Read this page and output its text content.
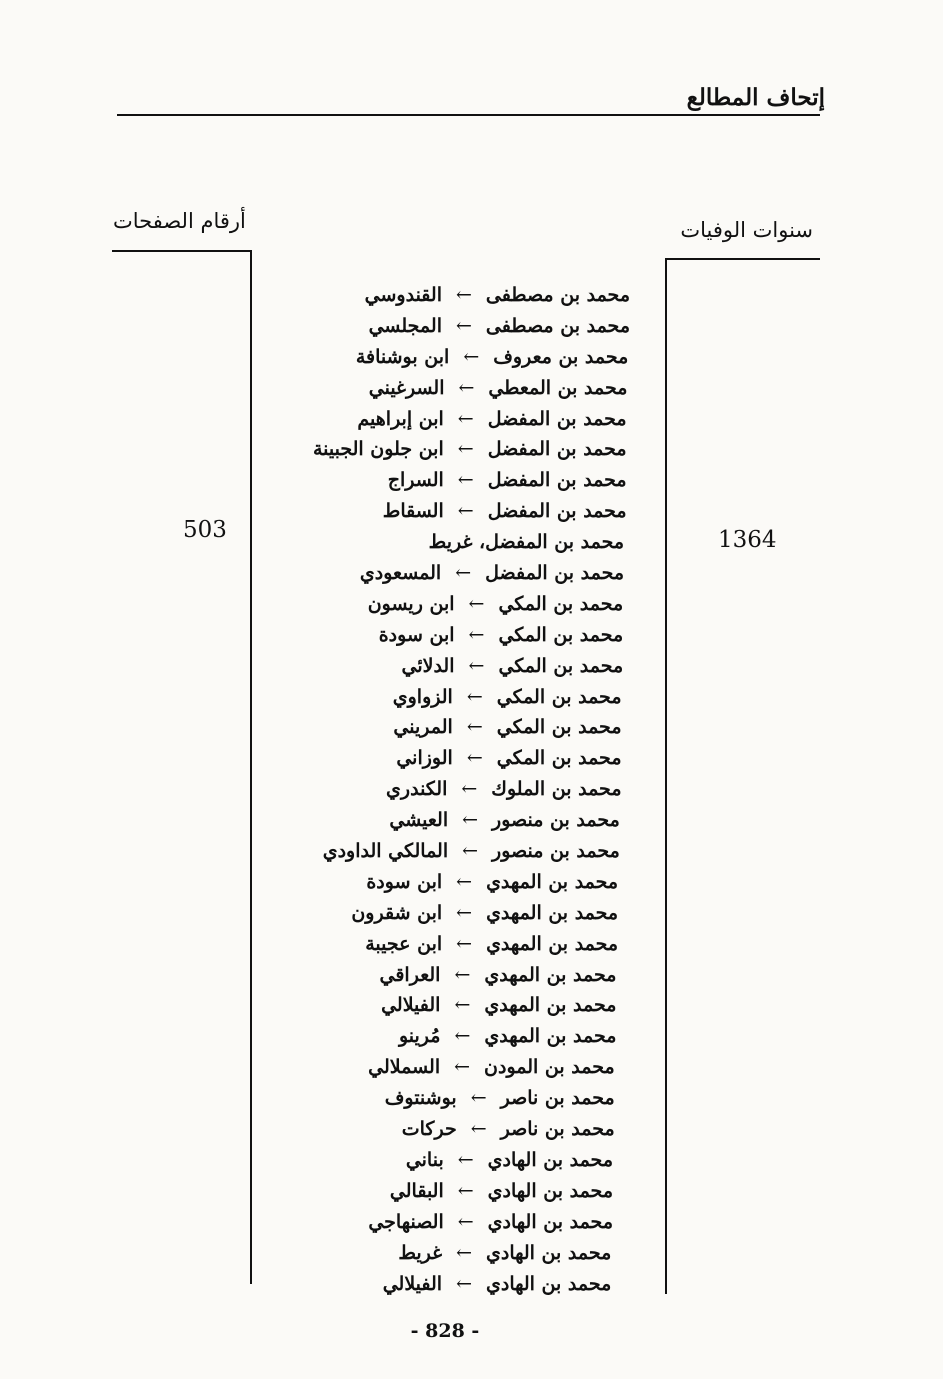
إتحاف المطالع
سنوات الوفيات
أرقام الصفحات
1364
503
محمد بن مصطفى←القندوسي
محمد بن مصطفى←المجلسي
محمد بن معروف←ابن بوشنافة
محمد بن المعطي←السرغيني
محمد بن المفضل←ابن إبراهيم
محمد بن المفضل←ابن جلون الجبينة
محمد بن المفضل←السراج
محمد بن المفضل←السقاط
محمد بن المفضل، غريط
محمد بن المفضل←المسعودي
محمد بن المكي←ابن ريسون
محمد بن المكي←ابن سودة
محمد بن المكي←الدلائي
محمد بن المكي←الزواوي
محمد بن المكي←المريني
محمد بن المكي←الوزاني
محمد بن الملوك←الكندري
محمد بن منصور←العيشي
محمد بن منصور←المالكي الداودي
محمد بن المهدي←ابن سودة
محمد بن المهدي←ابن شقرون
محمد بن المهدي←ابن عجيبة
محمد بن المهدي←العراقي
محمد بن المهدي←الفيلالي
محمد بن المهدي←مُرينو
محمد بن المودن←السملالي
محمد بن ناصر←بوشنتوف
محمد بن ناصر←حركات
محمد بن الهادي←بناني
محمد بن الهادي←البقالي
محمد بن الهادي←الصنهاجي
محمد بن الهادي←غريط
محمد بن الهادي←الفيلالي
- 828 -
